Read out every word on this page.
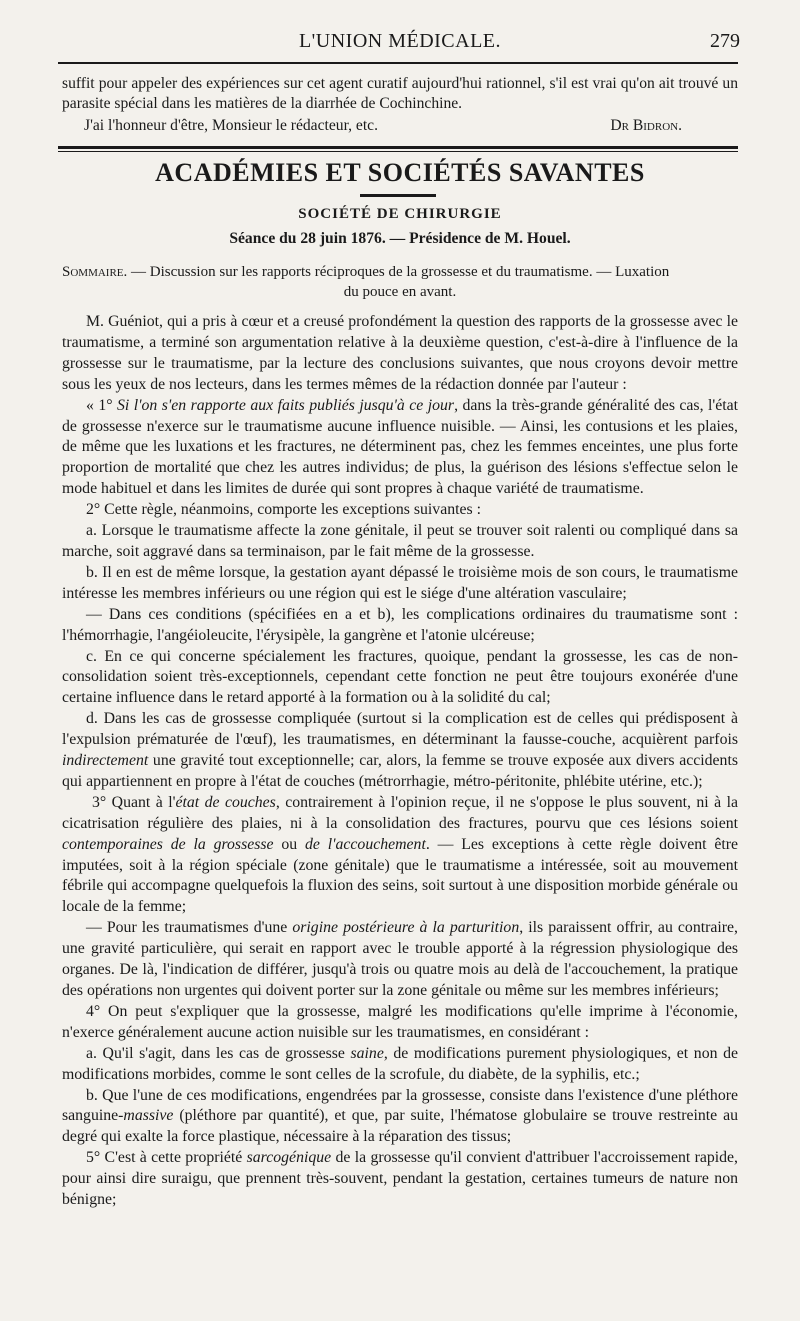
L'UNION MÉDICALE.	279

suffit pour appeler des expériences sur cet agent curatif aujourd'hui rationnel, s'il est vrai qu'on ait trouvé un parasite spécial dans les matières de la diarrhée de Cochinchine.

J'ai l'honneur d'être, Monsieur le rédacteur, etc.	Dr Bidron.
ACADÉMIES ET SOCIÉTÉS SAVANTES
SOCIÉTÉ DE CHIRURGIE
Séance du 28 juin 1876. — Présidence de M. Houel.
Sommaire. — Discussion sur les rapports réciproques de la grossesse et du traumatisme. — Luxation
du pouce en avant.

M. Guéniot, qui a pris à cœur et a creusé profondément la question des rapports de la grossesse avec le traumatisme, a terminé son argumentation relative à la deuxième question, c'est-à-dire à l'influence de la grossesse sur le traumatisme, par la lecture des conclusions suivantes, que nous croyons devoir mettre sous les yeux de nos lecteurs, dans les termes mêmes de la rédaction donnée par l'auteur :

« 1° Si l'on s'en rapporte aux faits publiés jusqu'à ce jour, dans la très-grande généralité des cas, l'état de grossesse n'exerce sur le traumatisme aucune influence nuisible. — Ainsi, les contusions et les plaies, de même que les luxations et les fractures, ne déterminent pas, chez les femmes enceintes, une plus forte proportion de mortalité que chez les autres individus; de plus, la guérison des lésions s'effectue selon le mode habituel et dans les limites de durée qui sont propres à chaque variété de traumatisme.

2° Cette règle, néanmoins, comporte les exceptions suivantes :

a. Lorsque le traumatisme affecte la zone génitale, il peut se trouver soit ralenti ou compliqué dans sa marche, soit aggravé dans sa terminaison, par le fait même de la grossesse.

b. Il en est de même lorsque, la gestation ayant dépassé le troisième mois de son cours, le traumatisme intéresse les membres inférieurs ou une région qui est le siége d'une altération vasculaire;

— Dans ces conditions (spécifiées en a et b), les complications ordinaires du traumatisme sont : l'hémorrhagie, l'angéioleucite, l'érysipèle, la gangrène et l'atonie ulcéreuse;

c. En ce qui concerne spécialement les fractures, quoique, pendant la grossesse, les cas de non-consolidation soient très-exceptionnels, cependant cette fonction ne peut être toujours exonérée d'une certaine influence dans le retard apporté à la formation ou à la solidité du cal;

d. Dans les cas de grossesse compliquée (surtout si la complication est de celles qui prédisposent à l'expulsion prématurée de l'œuf), les traumatismes, en déterminant la fausse-couche, acquièrent parfois indirectement une gravité tout exceptionnelle; car, alors, la femme se trouve exposée aux divers accidents qui appartiennent en propre à l'état de couches (métrorrhagie, métro-péritonite, phlébite utérine, etc.);

3° Quant à l'état de couches, contrairement à l'opinion reçue, il ne s'oppose le plus souvent, ni à la cicatrisation régulière des plaies, ni à la consolidation des fractures, pourvu que ces lésions soient contemporaines de la grossesse ou de l'accouchement. — Les exceptions à cette règle doivent être imputées, soit à la région spéciale (zone génitale) que le traumatisme a intéressée, soit au mouvement fébrile qui accompagne quelquefois la fluxion des seins, soit surtout à une disposition morbide générale ou locale de la femme;

— Pour les traumatismes d'une origine postérieure à la parturition, ils paraissent offrir, au contraire, une gravité particulière, qui serait en rapport avec le trouble apporté à la régression physiologique des organes. De là, l'indication de différer, jusqu'à trois ou quatre mois au delà de l'accouchement, la pratique des opérations non urgentes qui doivent porter sur la zone génitale ou même sur les membres inférieurs;

4° On peut s'expliquer que la grossesse, malgré les modifications qu'elle imprime à l'économie, n'exerce généralement aucune action nuisible sur les traumatismes, en considérant :

a. Qu'il s'agit, dans les cas de grossesse saine, de modifications purement physiologiques, et non de modifications morbides, comme le sont celles de la scrofule, du diabète, de la syphilis, etc.;

b. Que l'une de ces modifications, engendrées par la grossesse, consiste dans l'existence d'une pléthore sanguine-massive (pléthore par quantité), et que, par suite, l'hématose globulaire se trouve restreinte au degré qui exalte la force plastique, nécessaire à la réparation des tissus;

5° C'est à cette propriété sarcogénique de la grossesse qu'il convient d'attribuer l'accroissement rapide, pour ainsi dire suraigu, que prennent très-souvent, pendant la gestation, certaines tumeurs de nature non bénigne;
